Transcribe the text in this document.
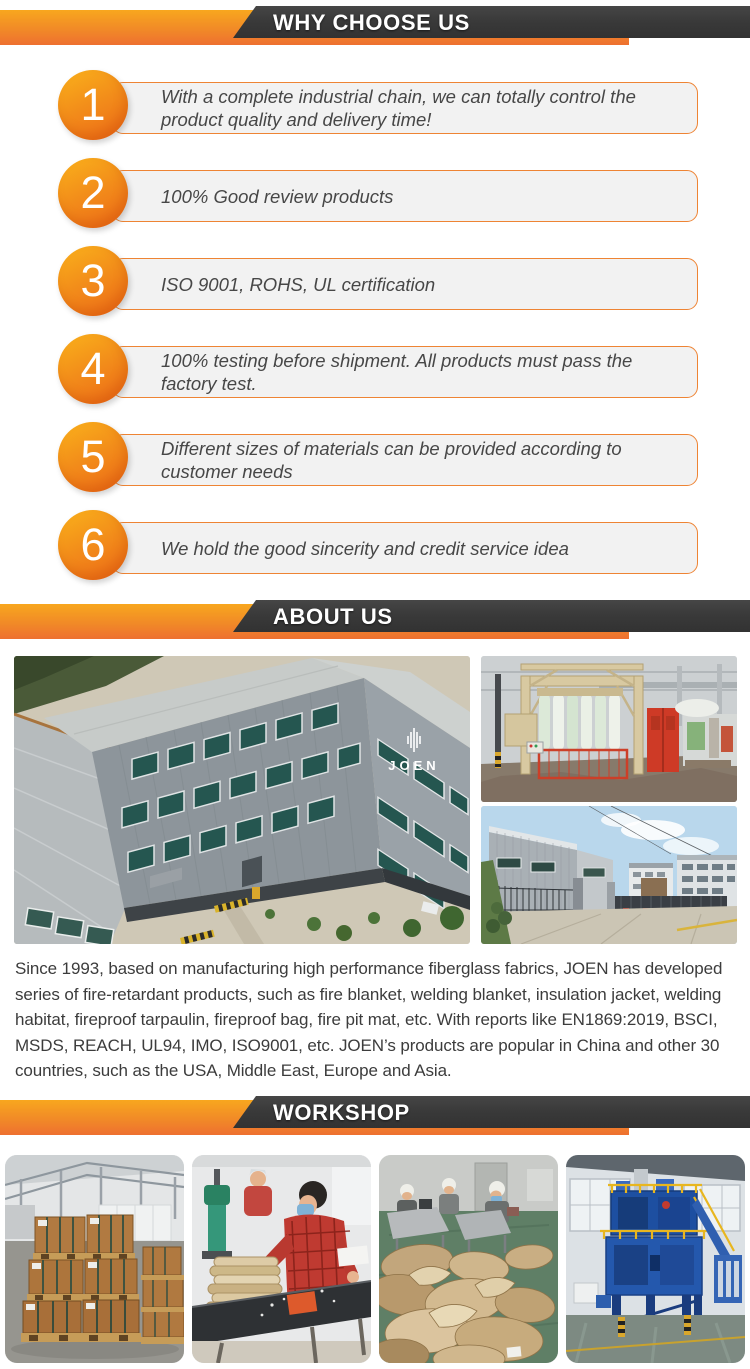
WHY CHOOSE US
With a complete industrial chain, we can totally control the product quality and delivery time!
1
100% Good review products
2
ISO 9001, ROHS, UL certification
3
100% testing before shipment. All products must pass the factory test.
4
Different sizes of materials can be provided according to customer needs
5
We hold the good sincerity and credit service idea
6
ABOUT US
JOEN
Since 1993, based on manufacturing high performance fiberglass fabrics, JOEN has developed series of fire-retardant products, such as fire blanket, welding blanket, insulation jacket, welding habitat, fireproof tarpaulin, fireproof bag, fire pit mat, etc. With reports like EN1869:2019, BSCI, MSDS, REACH, UL94, IMO, ISO9001, etc. JOEN’s products are popular in China and other 30 countries, such as the USA, Middle East, Europe and Asia.
WORKSHOP
